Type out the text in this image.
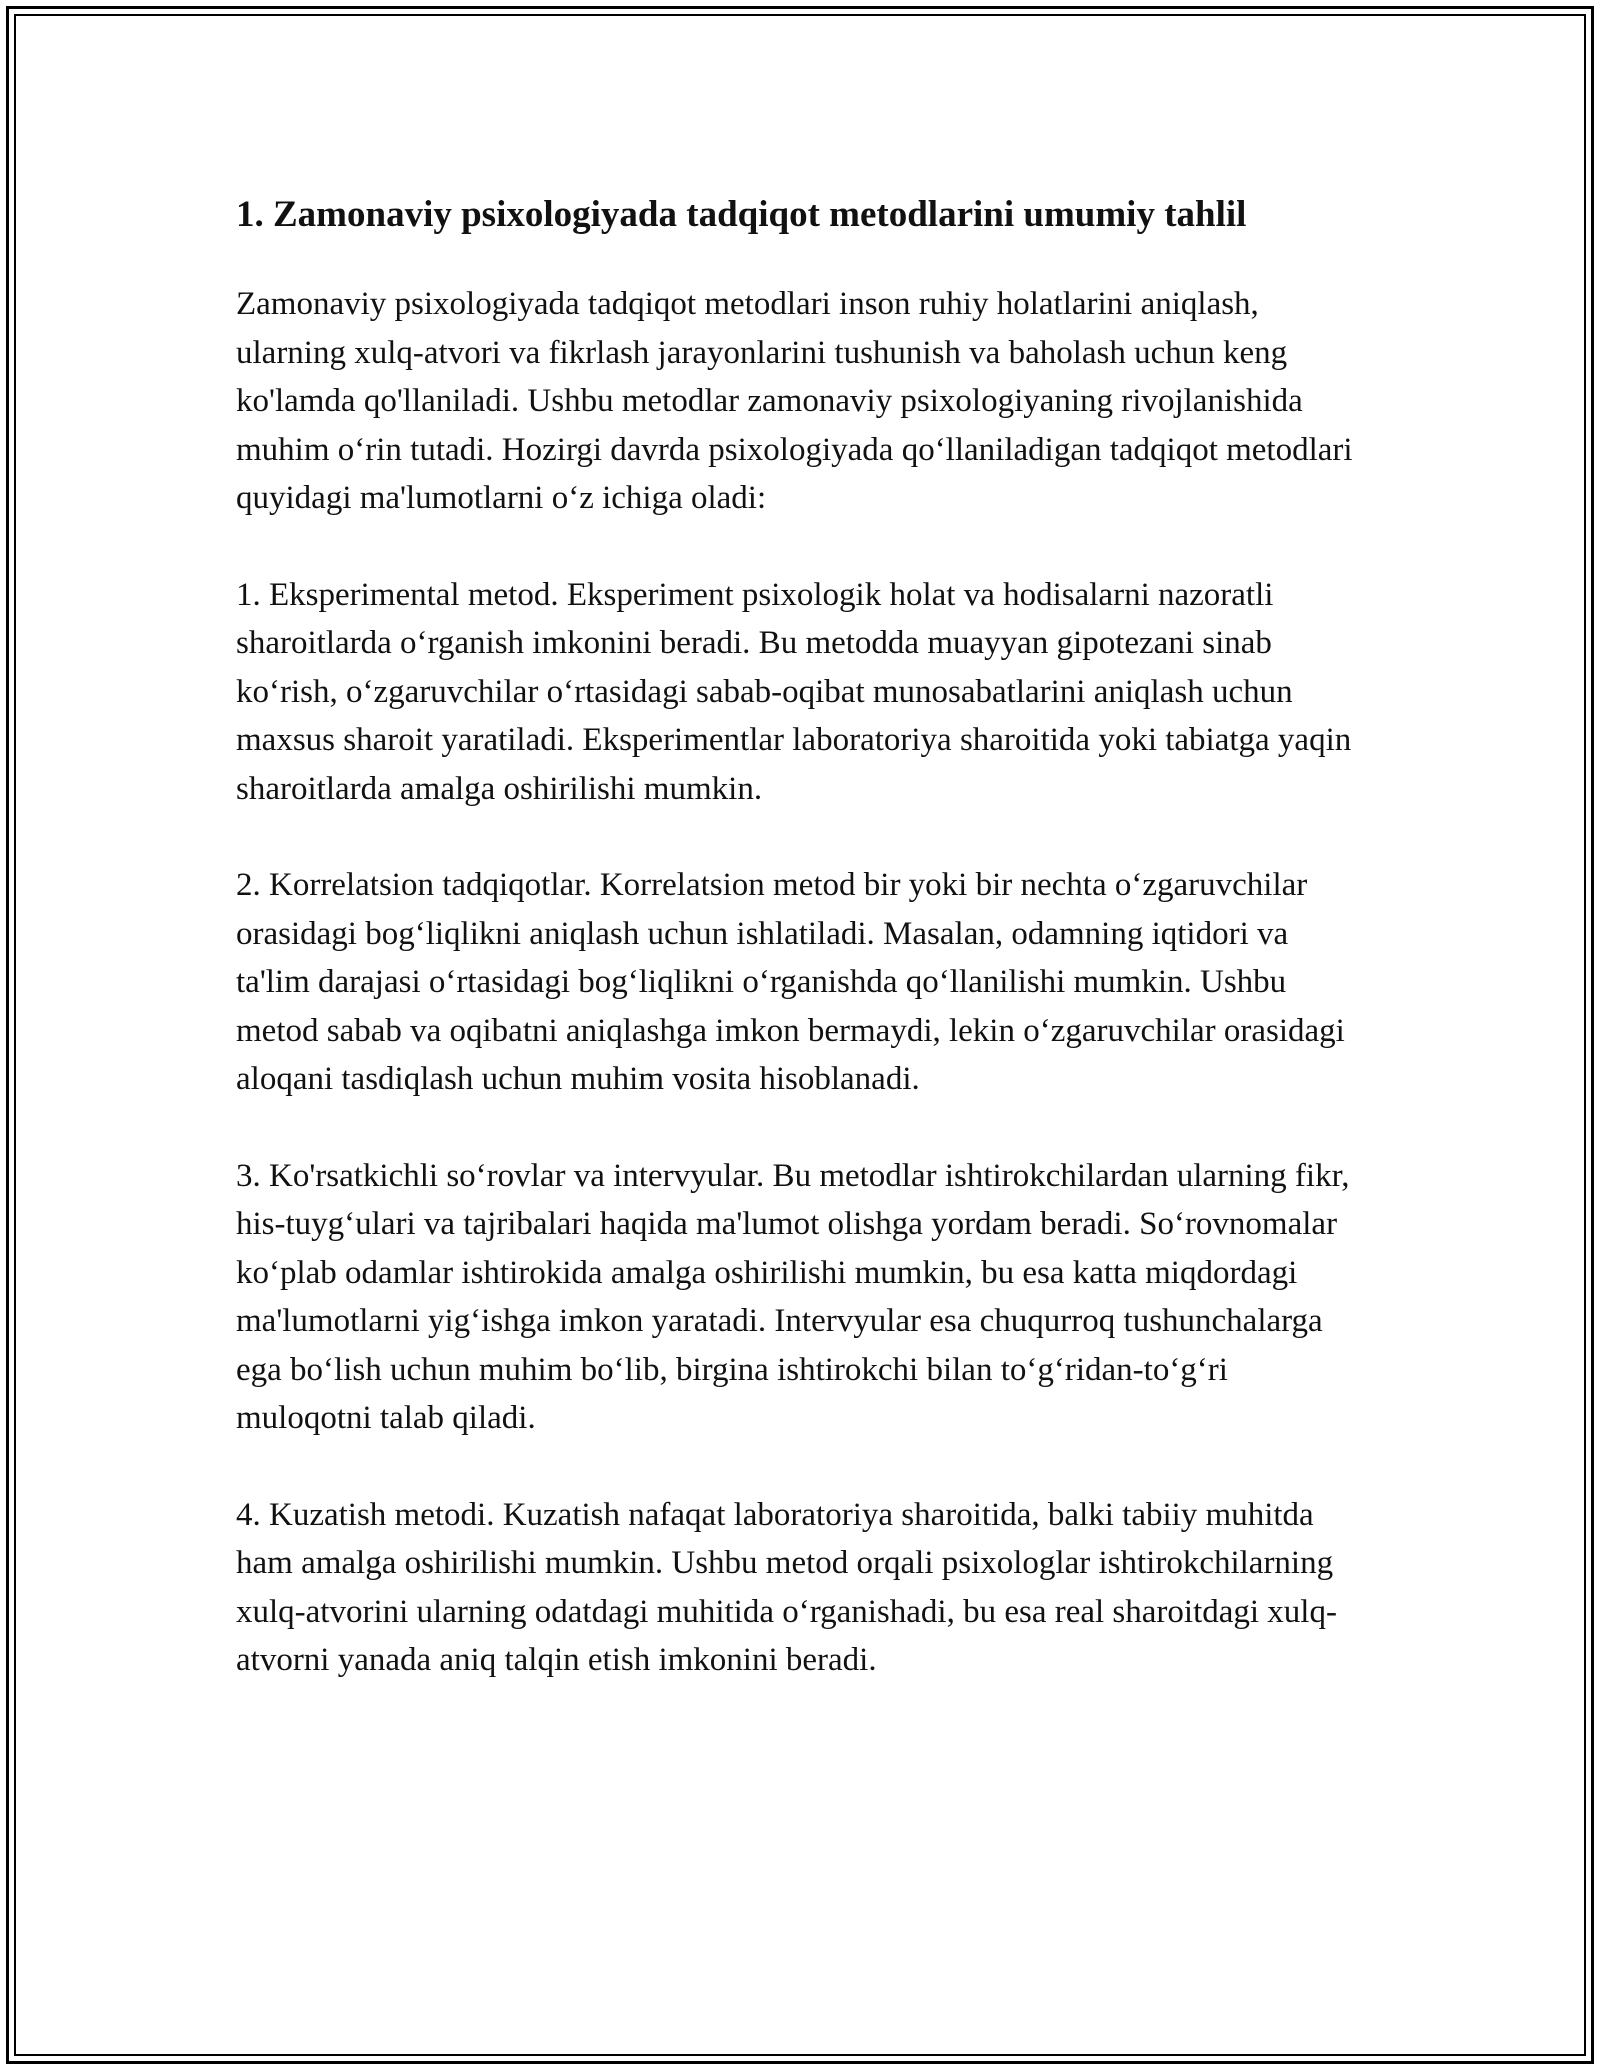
1. Zamonaviy psixologiyada tadqiqot metodlarini umumiy tahlil

Zamonaviy psixologiyada tadqiqot metodlari inson ruhiy holatlarini aniqlash, ularning xulq-atvori va fikrlash jarayonlarini tushunish va baholash uchun keng ko'lamda qo'llaniladi. Ushbu metodlar zamonaviy psixologiyaning rivojlanishida muhim o‘rin tutadi. Hozirgi davrda psixologiyada qo‘llaniladigan tadqiqot metodlari quyidagi ma'lumotlarni o‘z ichiga oladi:

1. Eksperimental metod. Eksperiment psixologik holat va hodisalarni nazoratli sharoitlarda o‘rganish imkonini beradi. Bu metodda muayyan gipotezani sinab ko‘rish, o‘zgaruvchilar o‘rtasidagi sabab-oqibat munosabatlarini aniqlash uchun maxsus sharoit yaratiladi. Eksperimentlar laboratoriya sharoitida yoki tabiatga yaqin sharoitlarda amalga oshirilishi mumkin.

2. Korrelatsion tadqiqotlar. Korrelatsion metod bir yoki bir nechta o‘zgaruvchilar orasidagi bog‘liqlikni aniqlash uchun ishlatiladi. Masalan, odamning iqtidori va ta'lim darajasi o‘rtasidagi bog‘liqlikni o‘rganishda qo‘llanilishi mumkin. Ushbu metod sabab va oqibatni aniqlashga imkon bermaydi, lekin o‘zgaruvchilar orasidagi aloqani tasdiqlash uchun muhim vosita hisoblanadi.

3. Ko'rsatkichli so‘rovlar va intervyular. Bu metodlar ishtirokchilardan ularning fikr, his-tuyg‘ulari va tajribalari haqida ma'lumot olishga yordam beradi. So‘rovnomalar ko‘plab odamlar ishtirokida amalga oshirilishi mumkin, bu esa katta miqdordagi ma'lumotlarni yig‘ishga imkon yaratadi. Intervyular esa chuqurroq tushunchalarga ega bo‘lish uchun muhim bo‘lib, birgina ishtirokchi bilan to‘g‘ridan-to‘g‘ri muloqotni talab qiladi.

4. Kuzatish metodi. Kuzatish nafaqat laboratoriya sharoitida, balki tabiiy muhitda ham amalga oshirilishi mumkin. Ushbu metod orqali psixologlar ishtirokchilarning xulq-atvorini ularning odatdagi muhitida o‘rganishadi, bu esa real sharoitdagi xulq-atvorni yanada aniq talqin etish imkonini beradi.
